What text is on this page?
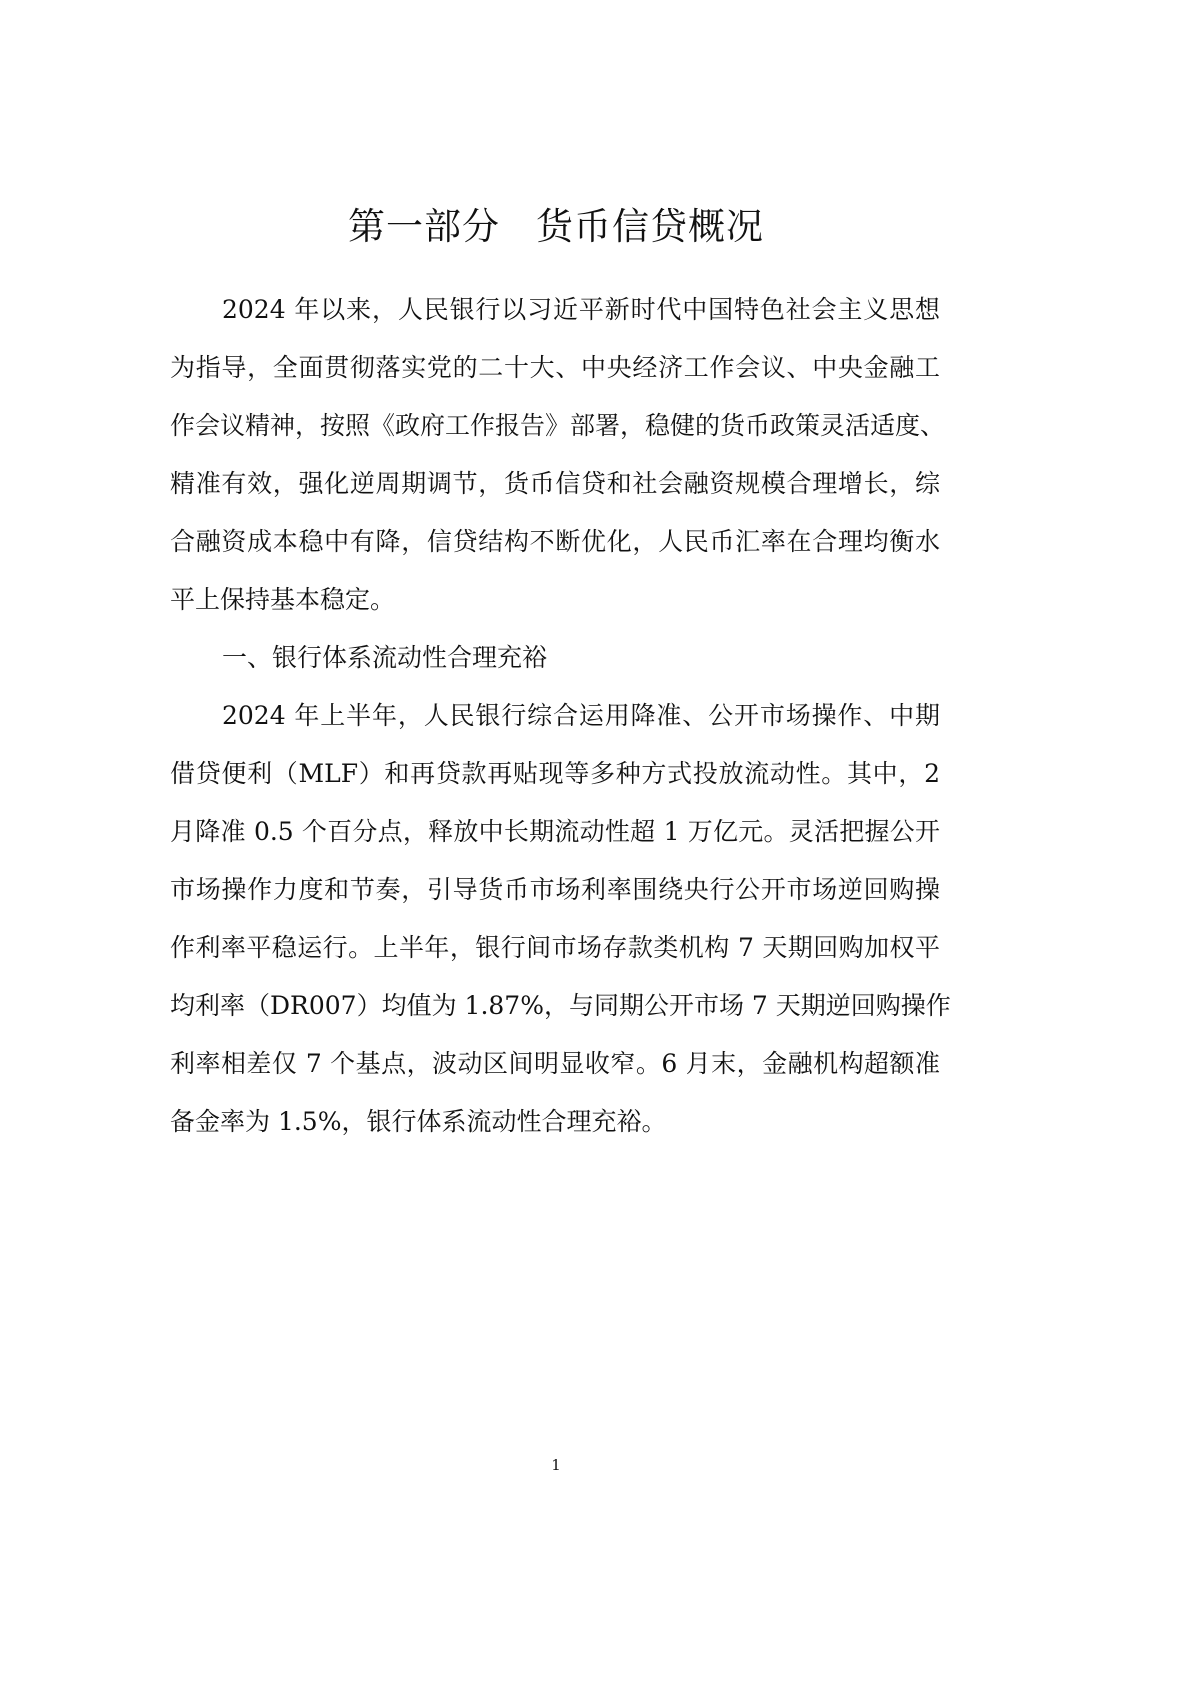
第一部分 货币信贷概况
2024 年以来，人民银行以习近平新时代中国特色社会主义思想
为指导，全面贯彻落实党的二十大、中央经济工作会议、中央金融工
作会议精神，按照《政府工作报告》部署，稳健的货币政策灵活适度、
精准有效，强化逆周期调节，货币信贷和社会融资规模合理增长，综
合融资成本稳中有降，信贷结构不断优化，人民币汇率在合理均衡水
平上保持基本稳定。
一、银行体系流动性合理充裕
2024 年上半年，人民银行综合运用降准、公开市场操作、中期
借贷便利（MLF）和再贷款再贴现等多种方式投放流动性。其中，2
月降准 0.5 个百分点，释放中长期流动性超 1 万亿元。灵活把握公开
市场操作力度和节奏，引导货币市场利率围绕央行公开市场逆回购操
作利率平稳运行。上半年，银行间市场存款类机构 7 天期回购加权平
均利率（DR007）均值为 1.87%，与同期公开市场 7 天期逆回购操作
利率相差仅 7 个基点，波动区间明显收窄。6 月末，金融机构超额准
备金率为 1.5%，银行体系流动性合理充裕。
1
